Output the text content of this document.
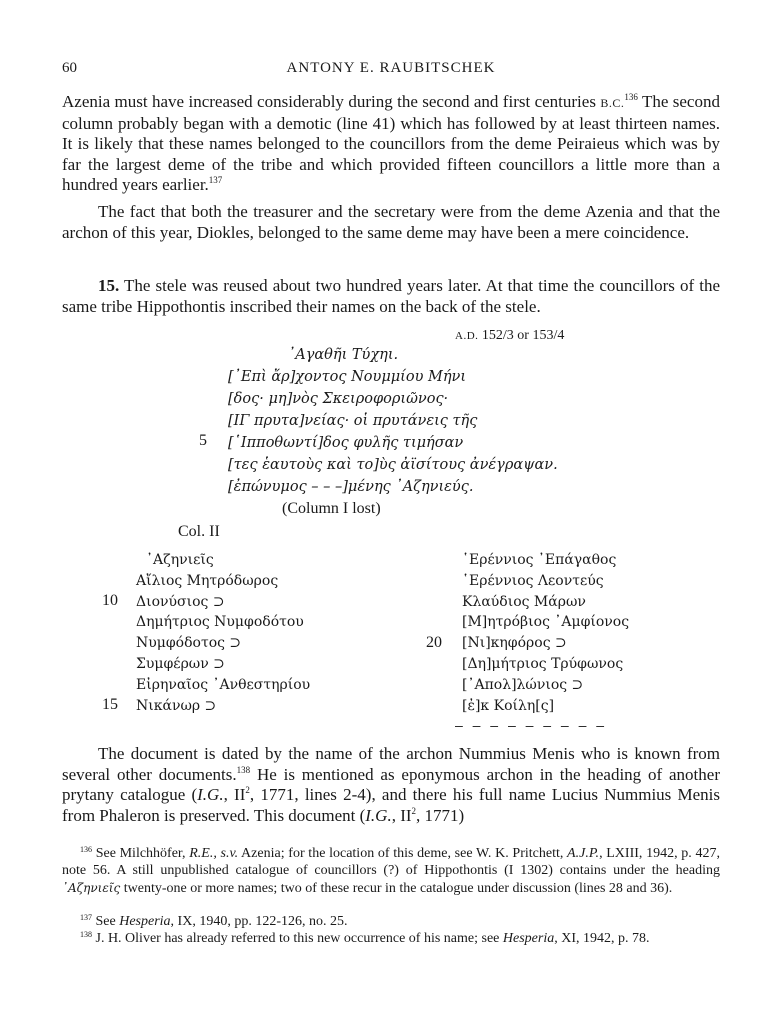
60	ANTONY E. RAUBITSCHEK

Azenia must have increased considerably during the second and first centuries B.C.$^{136}$ The second column probably began with a demotic (line 41) which has followed by at least thirteen names. It is likely that these names belonged to the councillors from the deme Peiraieus which was by far the largest deme of the tribe and which provided fifteen councillors a little more than a hundred years earlier.$^{137}$

The fact that both the treasurer and the secretary were from the deme Azenia and that the archon of this year, Diokles, belonged to the same deme may have been a mere coincidence.

15. The stele was reused about two hundred years later. At that time the councillors of the same tribe Hippothontis inscribed their names on the back of the stele.

A.D. 152/3 or 153/4
᾿Αγαθῆι Τύχηι.
[᾿Επὶ ἄρ]χοντος Νουμμίου Μήνι
[δος· μη]νὸς Σκειροφοριῶνος·
[ΙΓ πρυτα]νείας· οἱ πρυτάνεις τῆς
5 [῾Ιπποθωντί]δος φυλῆς τιμήσαν
[τες ἑαυτοὺς καὶ το]ὺς ἀϊσίτους ἀνέγραψαν.
[ἐπώνυμος – – –]μένης ᾿Αζηνιεύς.
(Column I lost)
Col. II
10
15
᾿Αζηνιεῖς
Αἴλιος Μητρόδωρος
Διονύσιος ⊃
Δημήτριος Νυμφοδότου
Νυμφόδοτος ⊃
Συμφέρων ⊃
Εἰρηναῖος ᾿Ανθεστηρίου
Νικάνωρ ⊃
20
῾Ερέννιος ᾿Επάγαθος
῾Ερέννιος Λεοντεύς
Κλαύδιος Μάρων
[Μ]ητρόβιος ᾿Αμφίονος
[Νι]κηφόρος ⊃
[Δη]μήτριος Τρύφωνος
[᾿Απολ]λώνιος ⊃
[ἐ]κ Κοίλη[ς]
– – – – – – – – –

The document is dated by the name of the archon Nummius Menis who is known from several other documents.$^{138}$ He is mentioned as eponymous archon in the heading of another prytany catalogue (I.G., $II^2$, 1771, lines 2-4), and there his full name Lucius Nummius Menis from Phaleron is preserved. This document (I.G., $II^2$, 1771)

$^{136}$ See Milchhöfer, R.E., s.v. Azenia; for the location of this deme, see W. K. Pritchett, A.J.P., LXIII, 1942, p. 427, note 56. A still unpublished catalogue of councillors (?) of Hippothontis (I 1302) contains under the heading ᾿Αζηνιεῖς twenty-one or more names; two of these recur in the catalogue under discussion (lines 28 and 36).

$^{137}$ See Hesperia, IX, 1940, pp. 122-126, no. 25.

$^{138}$ J. H. Oliver has already referred to this new occurrence of his name; see Hesperia, XI, 1942, p. 78.
